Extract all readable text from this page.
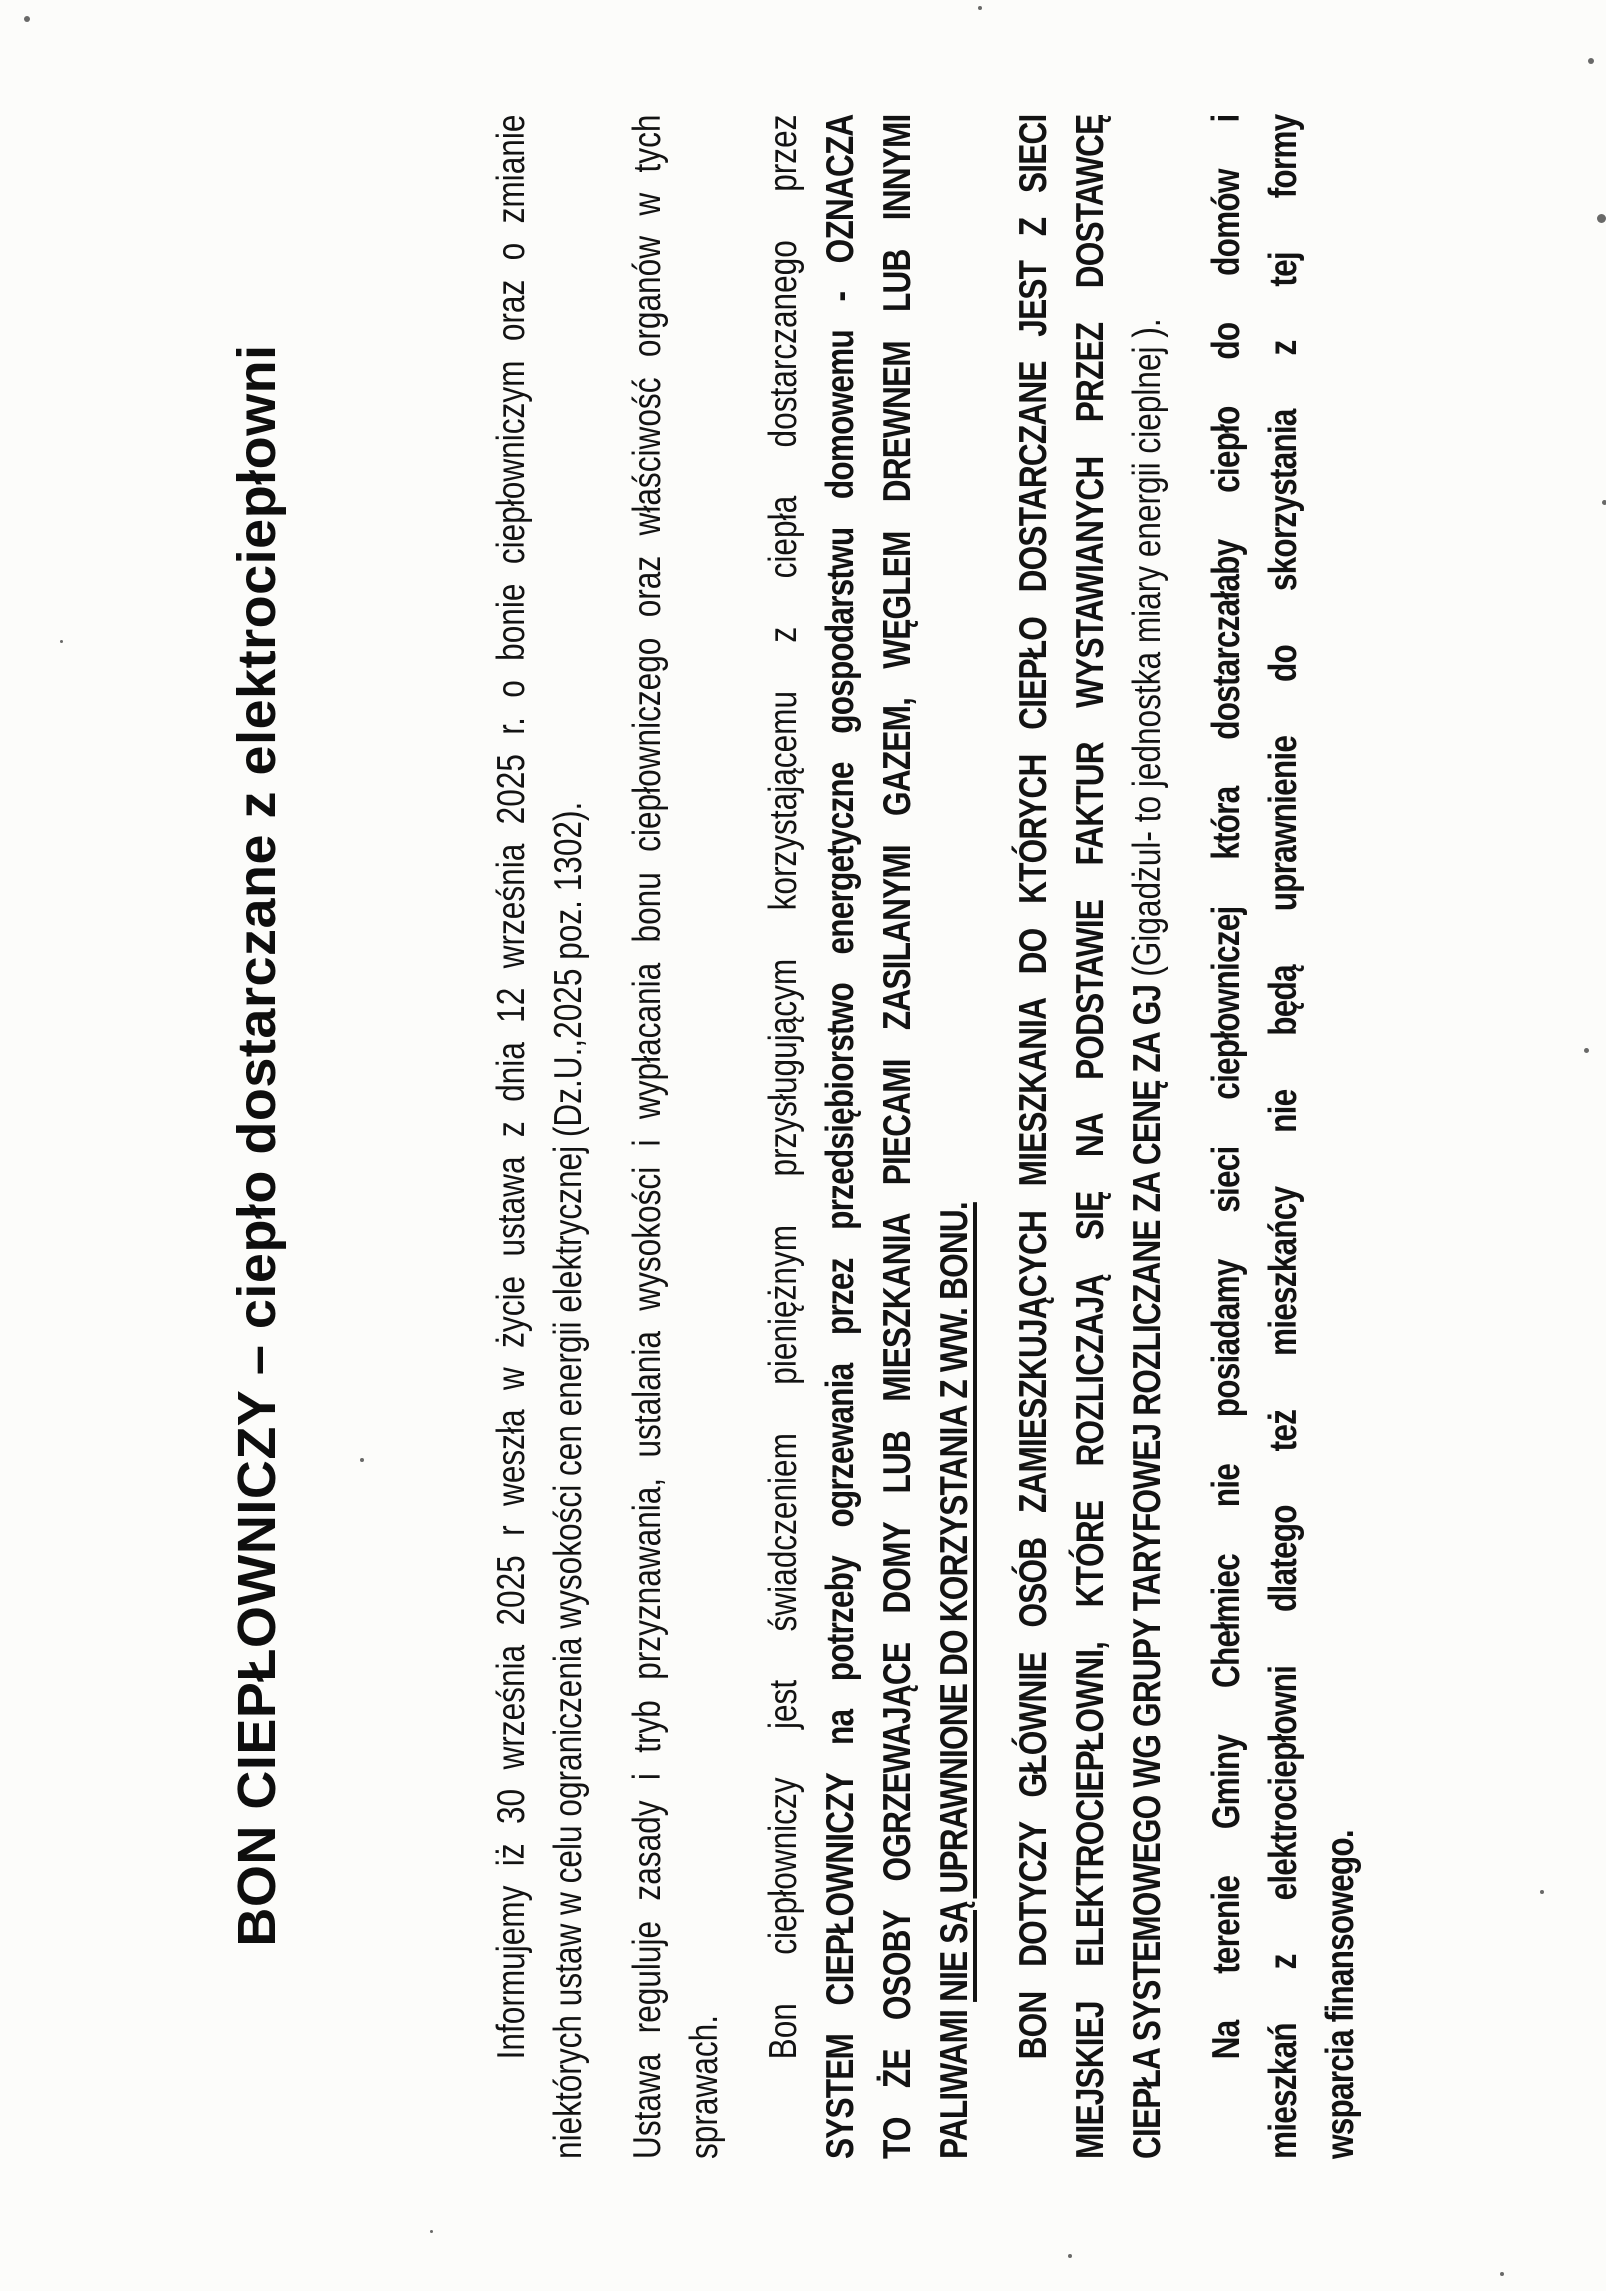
BON CIEPŁOWNICZY – ciepło dostarczane z elektrociepłowni	Informujemy iż 30 września 2025 r weszła w życie ustawa z dnia 12 września 2025 r. o bonie ciepłowniczym oraz o zmianie niektórych ustaw w celu ograniczenia wysokości cen energii elektrycznej (Dz.U.,2025 poz. 1302). Ustawa reguluje zasady i tryb przyznawania, ustalania wysokości i wypłacania bonu ciepłowniczego oraz właściwość organów w tych sprawach.
Bon ciepłowniczy jest świadczeniem pieniężnym przysługującym korzystającemu z ciepła dostarczanego przez SYSTEM CIEPŁOWNICZY na potrzeby ogrzewania przez przedsiębiorstwo energetyczne gospodarstwu domowemu - OZNACZA TO ŻE OSOBY OGRZEWAJĄCE DOMY LUB MIESZKANIA PIECAMI ZASILANYMI GAZEM, WĘGLEM DREWNEM LUB INNYMI PALIWAMI NIE SĄ UPRAWNIONE DO KORZYSTANIA Z WW. BONU. BON DOTYCZY GŁÓWNIE OSÓB ZAMIESZKUJĄCYCH MIESZKANIA DO KTÓRYCH CIEPŁO DOSTARCZANE JEST Z SIECI MIEJSKIEJ ELEKTROCIEPŁOWNI, KTÓRE ROZLICZAJĄ SIĘ NA PODSTAWIE FAKTUR WYSTAWIANYCH PRZEZ DOSTAWCĘ CIEPŁA SYSTEMOWEGO WG GRUPY TARYFOWEJ ROZLICZANE ZA CENĘ ZA GJ (Gigadżul- to jednostka miary energii cieplnej ). Na terenie Gminy Chełmiec nie posiadamy sieci ciepłowniczej która dostarczałaby ciepło do domów i mieszkań z elektrociepłowni dlatego też mieszkańcy nie będą uprawnienie do skorzystania z tej formy wsparcia finansowego.
